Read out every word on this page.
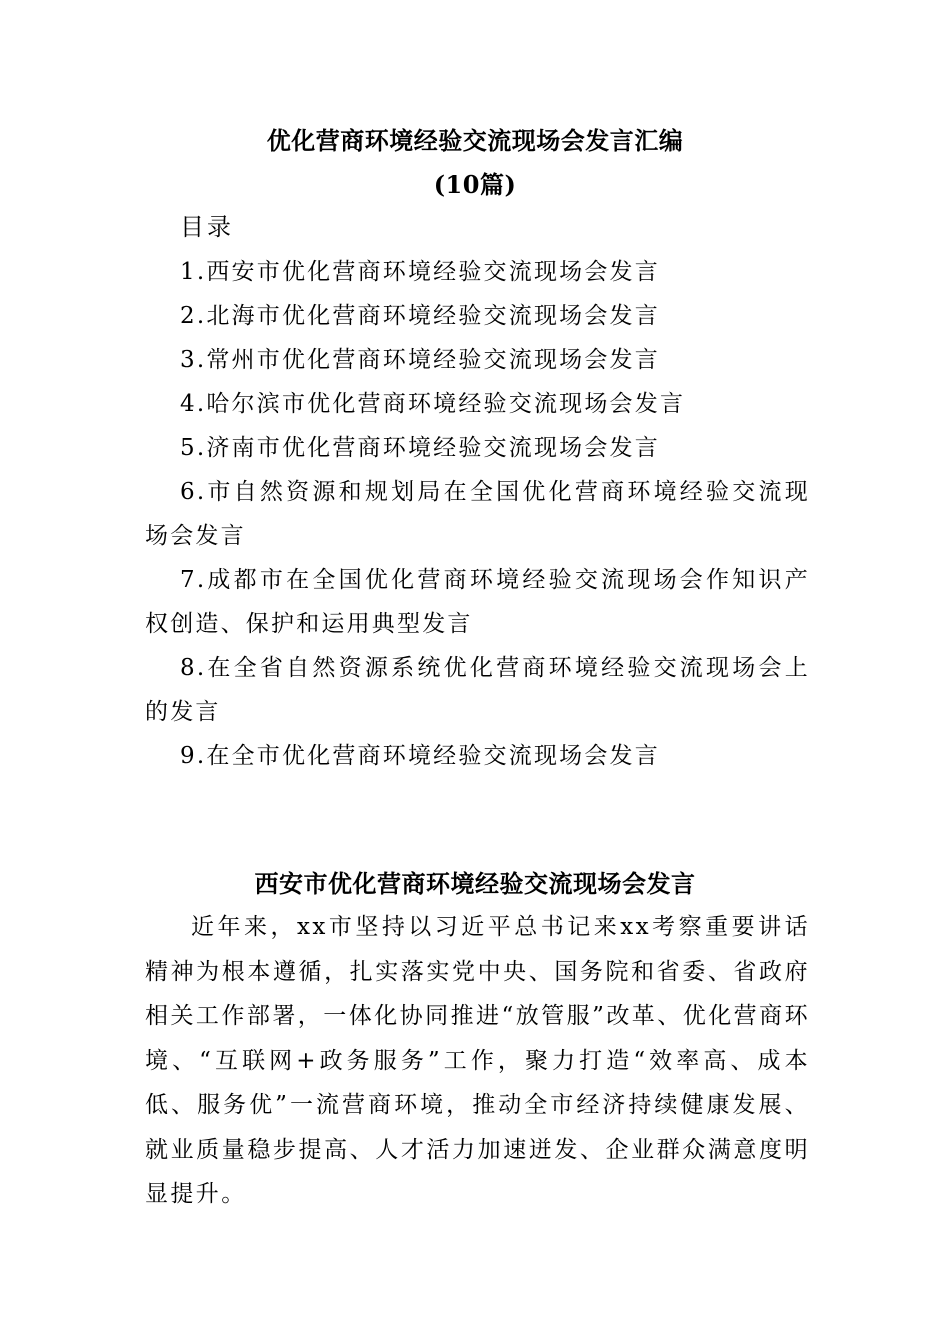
优化营商环境经验交流现场会发言汇编
(10篇)
目录
1.西安市优化营商环境经验交流现场会发言
2.北海市优化营商环境经验交流现场会发言
3.常州市优化营商环境经验交流现场会发言
4.哈尔滨市优化营商环境经验交流现场会发言
5.济南市优化营商环境经验交流现场会发言
6.市自然资源和规划局在全国优化营商环境经验交流现场会发言
7.成都市在全国优化营商环境经验交流现场会作知识产权创造、保护和运用典型发言
8.在全省自然资源系统优化营商环境经验交流现场会上的发言
9.在全市优化营商环境经验交流现场会发言
西安市优化营商环境经验交流现场会发言

近年来，xx市坚持以习近平总书记来xx考察重要讲话精神为根本遵循，扎实落实党中央、国务院和省委、省政府相关工作部署，一体化协同推进“放管服”改革、优化营商环境、“互联网+政务服务”工作，聚力打造“效率高、成本低、服务优”一流营商环境，推动全市经济持续健康发展、就业质量稳步提高、人才活力加速迸发、企业群众满意度明显提升。
